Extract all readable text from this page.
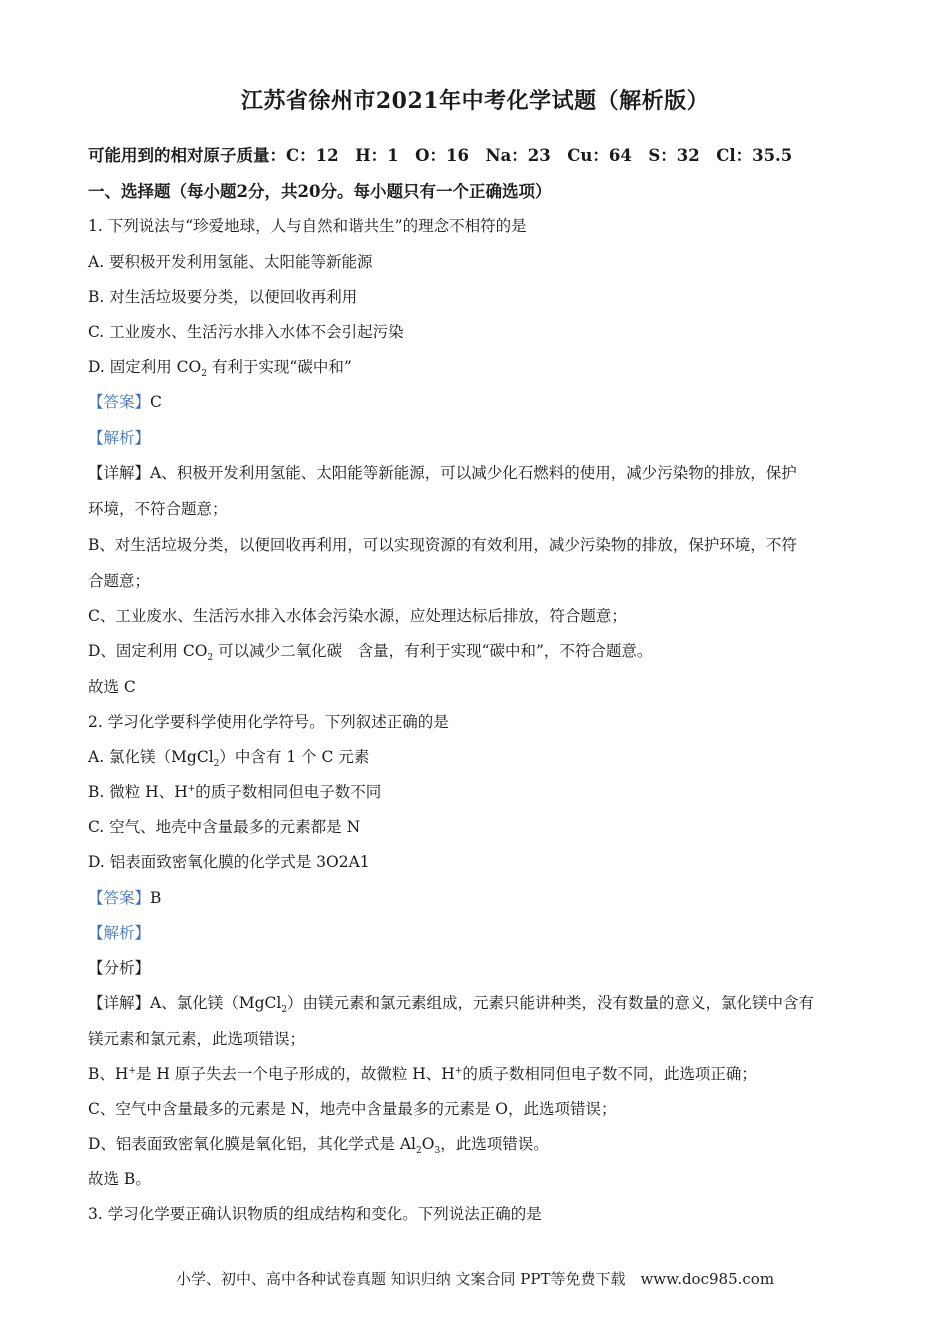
江苏省徐州市2021年中考化学试题（解析版）
可能用到的相对原子质量：C：12　H：1　O：16　Na：23　Cu：64　S：32　Cl：35.5
一、选择题（每小题2分，共20分。每小题只有一个正确选项）
1. 下列说法与“珍爱地球，人与自然和谐共生”的理念不相符的是
A. 要积极开发利用氢能、太阳能等新能源
B. 对生活垃圾要分类，以便回收再利用
C. 工业废水、生活污水排入水体不会引起污染
D. 固定利用 $CO_2$ 有利于实现“碳中和”
【答案】C
【解析】
【详解】A、积极开发利用氢能、太阳能等新能源，可以减少化石燃料的使用，减少污染物的排放，保护
环境，不符合题意；
B、对生活垃圾分类，以便回收再利用，可以实现资源的有效利用，减少污染物的排放，保护环境，不符
合题意；
C、工业废水、生活污水排入水体会污染水源，应处理达标后排放，符合题意；
D、固定利用 $CO_2$ 可以减少二氧化碳　含量，有利于实现“碳中和”，不符合题意。
故选 C
2. 学习化学要科学使用化学符号。下列叙述正确的是
A. 氯化镁（MgCl$_2$）中含有 1 个 C 元素
B. 微粒 H、H+的质子数相同但电子数不同
C. 空气、地壳中含量最多的元素都是 N
D. 铝表面致密氧化膜的化学式是 3O2A1
【答案】B
【解析】
【分析】
【详解】A、氯化镁（MgCl$_2$）由镁元素和氯元素组成，元素只能讲种类，没有数量的意义，氯化镁中含有
镁元素和氯元素，此选项错误；
B、H+是 H 原子失去一个电子形成的，故微粒 H、H+的质子数相同但电子数不同，此选项正确；
C、空气中含量最多的元素是 N，地壳中含量最多的元素是 O，此选项错误；
D、铝表面致密氧化膜是氧化铝，其化学式是 $Al_2O_3$，此选项错误。
故选 B。
3. 学习化学要正确认识物质的组成结构和变化。下列说法正确的是
小学、初中、高中各种试卷真题 知识归纳 文案合同 PPT等免费下载　www.doc985.com
